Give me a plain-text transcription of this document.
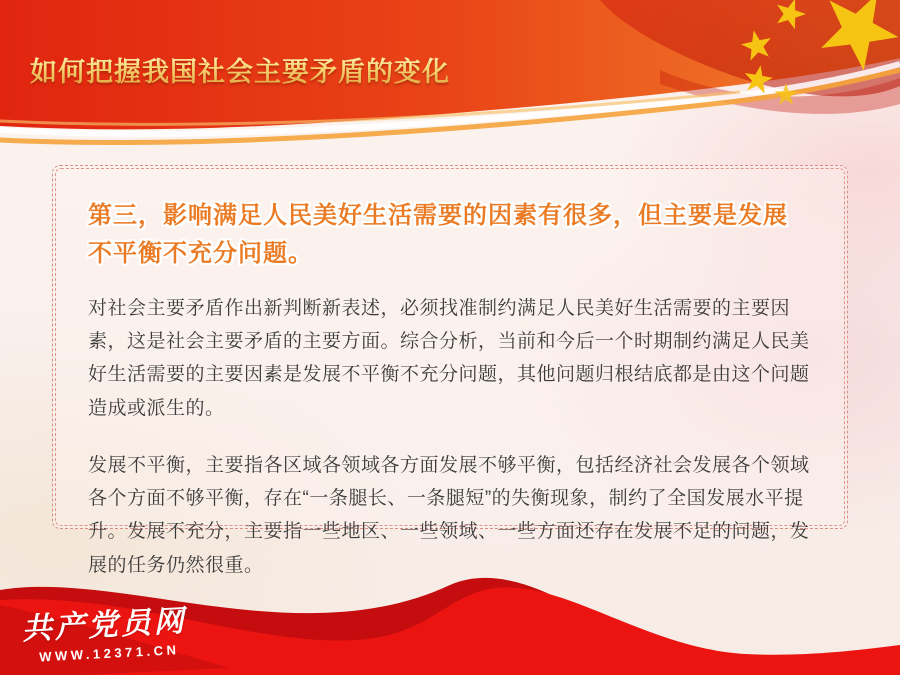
如何把握我国社会主要矛盾的变化
第三，影响满足人民美好生活需要的因素有很多，但主要是发展不平衡不充分问题。

对社会主要矛盾作出新判断新表述，必须找准制约满足人民美好生活需要的主要因素，这是社会主要矛盾的主要方面。综合分析，当前和今后一个时期制约满足人民美好生活需要的主要因素是发展不平衡不充分问题，其他问题归根结底都是由这个问题造成或派生的。

发展不平衡，主要指各区域各领域各方面发展不够平衡，包括经济社会发展各个领域各个方面不够平衡，存在“一条腿长、一条腿短”的失衡现象，制约了全国发展水平提升。发展不充分，主要指一些地区、一些领域、一些方面还存在发展不足的问题，发展的任务仍然很重。

共产党员网
WWW.12371.CN
